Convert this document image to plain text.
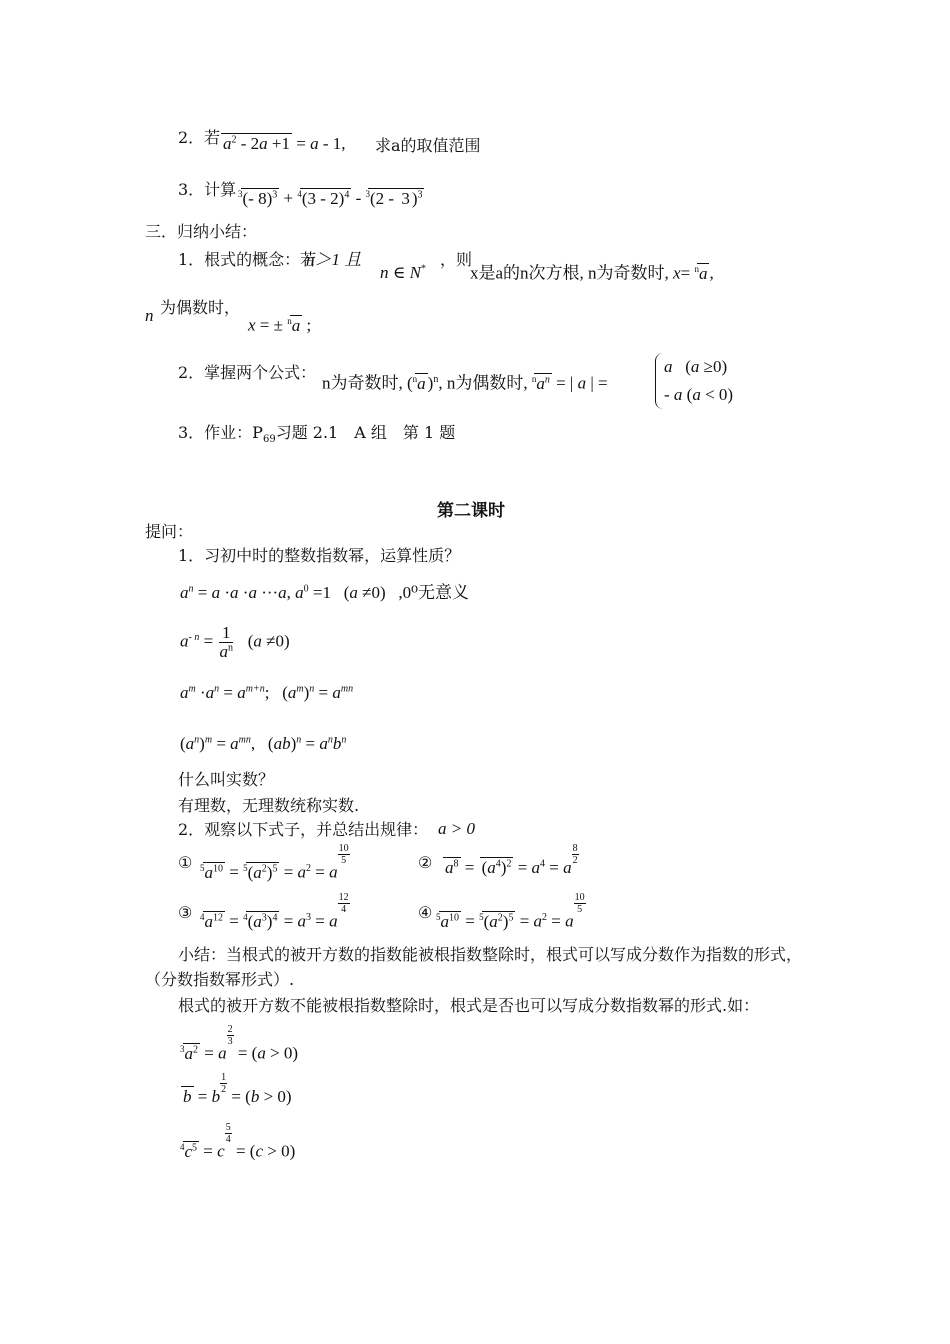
2．若 $a^2 - 2a +1 = a - 1$, 求a的取值范围
3．计算 $^3$(- 8)$^3$ + $^4$(3 - 2)$^4$ - $^3$(2 - 3 )$^3$
三．归纳小结：
1．根式的概念：若
n＞1 且
n ∈ N* ，则
x是a的n次方根, n为奇数时, x= $^n$a ,
n 为偶数时，
x = ± $^n$a ;
2．掌握两个公式：
n为奇数时, ($^n$a )$^n$, n为偶数时, $^na^n$ = | a | =
a   (a ≥0)
- a (a < 0)
3．作业：$P_{69}$习题 2.1　A 组　第 1 题
第二课时
提问：
1．习初中时的整数指数幂，运算性质？
$a^n = a \cdot a \cdot a \cdot\cdot\cdot a$, $a^0 =1$   (a ≠0)   ,0⁰无意义
$a^{- n} = \frac{1}{a^n} (a \ne 0)$
$a^m \cdot a^n = a^{m+n}$;   $(a^m)^n = a^{mn}$
$(a^n)^m = a^{mn}$,   $(ab)^n = a^nb^n$
什么叫实数？
有理数，无理数统称实数.
2．观察以下式子，并总结出规律： a > 0
① $^5a^{10} = ^5(a^2)^5 = a^2 = a$
$\frac{10}{5}$	② $a^8 = (a^4)^2 = a^4 = a$
$\frac{8}{2}$
③ $^4a^{12} = ^4(a^3)^4 = a^3 = a$
$\frac{12}{4}$	④ $^5a^{10} = ^5(a^2)^5 = a^2 = a$
$\frac{10}{5}$
小结：当根式的被开方数的指数能被根指数整除时，根式可以写成分数作为指数的形式，
（分数指数幂形式）.
根式的被开方数不能被根指数整除时，根式是否也可以写成分数指数幂的形式.如：
$^3a^2 = a$
$\frac{2}{3} = (a > 0)$
b = b
$\frac{1}{2} = (b > 0)$
$^4c^5 = c$
$\frac{5}{4} = (c > 0)$
